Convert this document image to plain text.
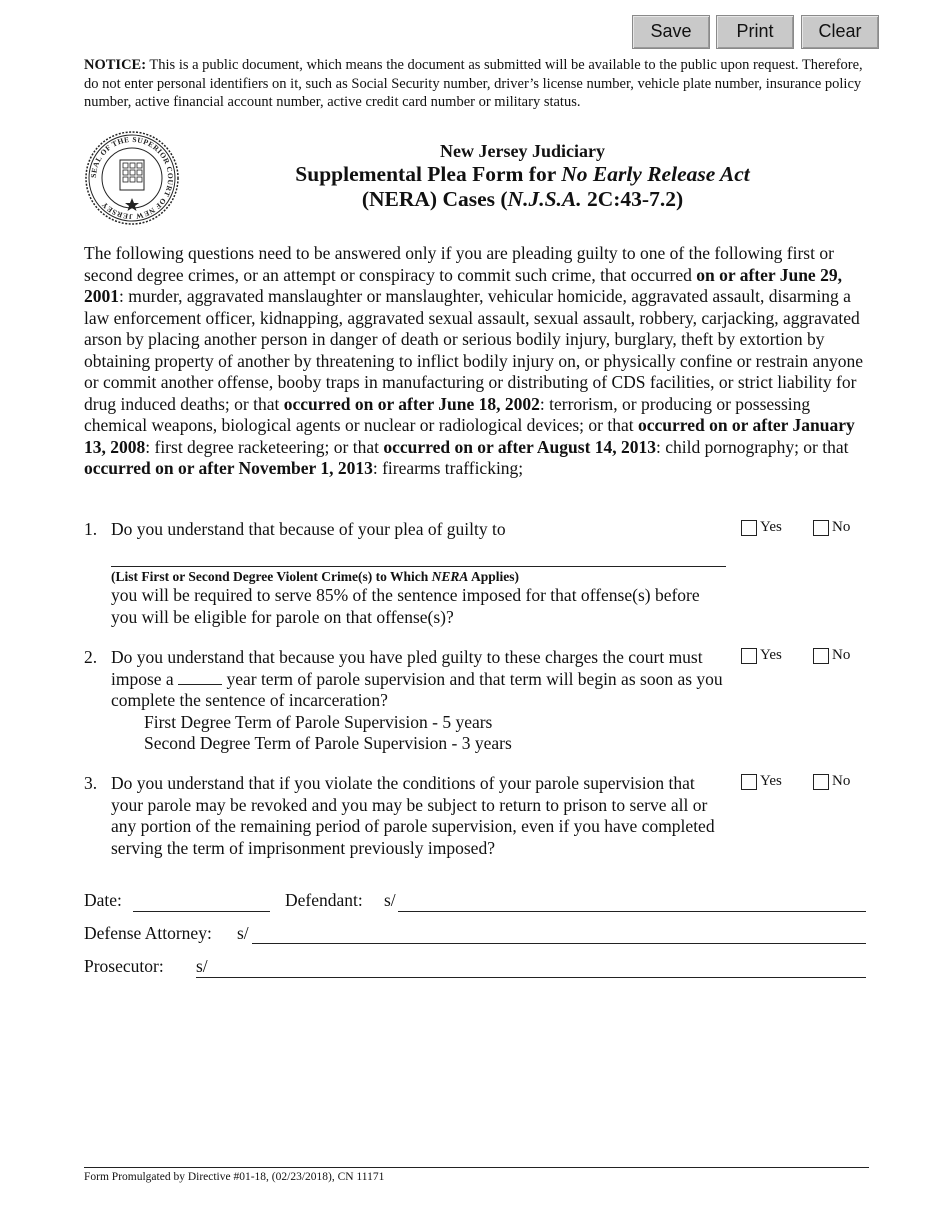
Save	Print	Clear
NOTICE: This is a public document, which means the document as submitted will be available to the public upon request. Therefore, do not enter personal identifiers on it, such as Social Security number, driver’s license number, vehicle plate number, insurance policy number, active financial account number, active credit card number or military status.
SEAL OF THE SUPERIOR COURT OF NEW JERSEY
New Jersey Judiciary
Supplemental Plea Form for No Early Release Act
(NERA) Cases (N.J.S.A. 2C:43-7.2)
The following questions need to be answered only if you are pleading guilty to one of the following first or second degree crimes, or an attempt or conspiracy to commit such crime, that occurred on or after June 29, 2001: murder, aggravated manslaughter or manslaughter, vehicular homicide, aggravated assault, disarming a law enforcement officer, kidnapping, aggravated sexual assault, sexual assault, robbery, carjacking, aggravated arson by placing another person in danger of death or serious bodily injury, burglary, theft by extortion by obtaining property of another by threatening to inflict bodily injury on, or physically confine or restrain anyone or commit another offense, booby traps in manufacturing or distributing of CDS facilities, or strict liability for drug induced deaths; or that occurred on or after June 18, 2002: terrorism, or producing or possessing chemical weapons, biological agents or nuclear or radiological devices; or that occurred on or after January 13, 2008: first degree racketeering; or that occurred on or after August 14, 2013: child pornography; or that occurred on or after November 1, 2013: firearms trafficking;
1. Do you understand that because of your plea of guilty to	Yes	No
(List First or Second Degree Violent Crime(s) to Which NERA Applies)
you will be required to serve 85% of the sentence imposed for that offense(s) before you will be eligible for parole on that offense(s)?
2. Do you understand that because you have pled guilty to these charges the court must impose a	year term of parole supervision and that term will begin as soon as you complete the sentence of incarceration?
Yes	No
First Degree Term of Parole Supervision - 5 years
Second Degree Term of Parole Supervision - 3 years
3. Do you understand that if you violate the conditions of your parole supervision that your parole may be revoked and you may be subject to return to prison to serve all or any portion of the remaining period of parole supervision, even if you have completed serving the term of imprisonment previously imposed?
Yes	No
Date:	Defendant: s/
Defense Attorney: s/
Prosecutor: s/
Form Promulgated by Directive #01-18, (02/23/2018), CN 11171
